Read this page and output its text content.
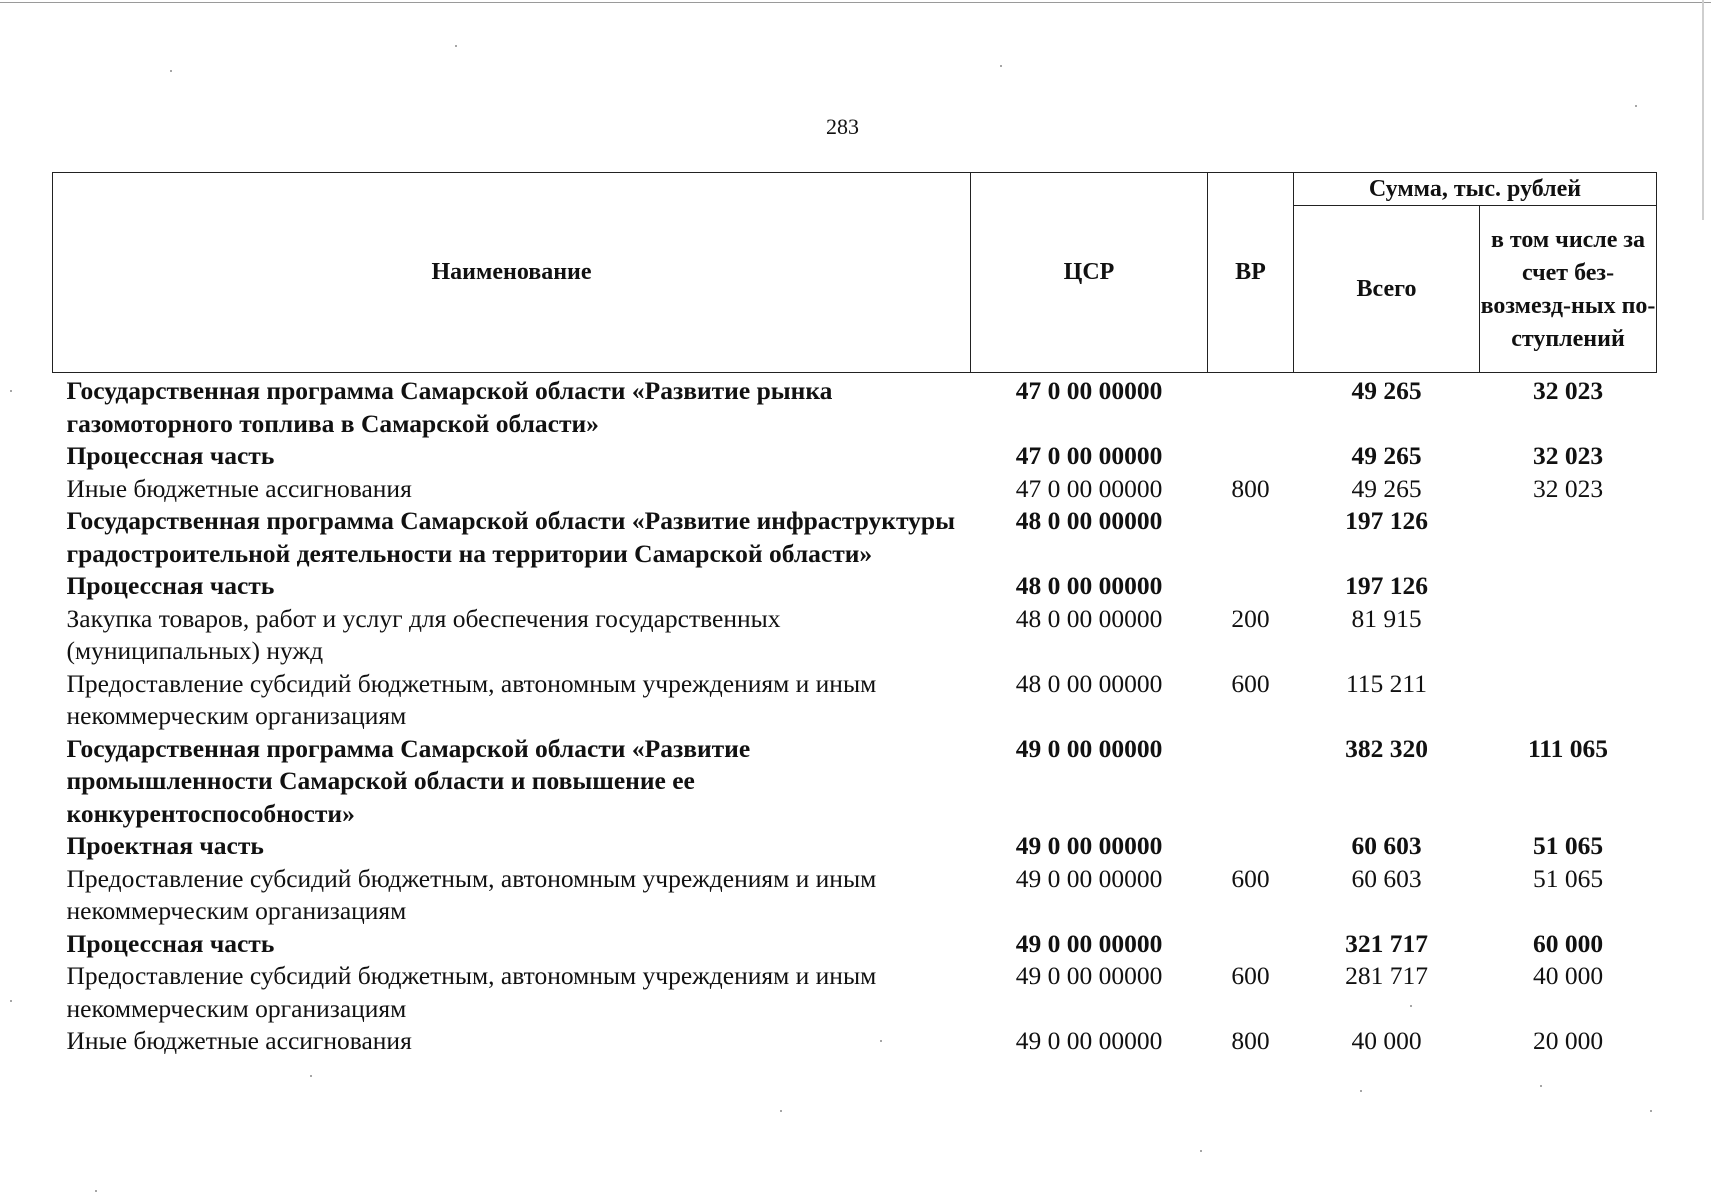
283
Наименование	ЦСР	ВР	Сумма, тыс. рублей	
			Всего	в том числе за счет без-возмезд-ных по-ступлений

Государственная программа Самарской области «Развитие рынка газомоторного топлива в Самарской области»	47 0 00 00000		49 265	32 023
Процессная часть	47 0 00 00000		49 265	32 023
Иные бюджетные ассигнования	47 0 00 00000	800	49 265	32 023
Государственная программа Самарской области «Развитие инфраструктуры градостроительной деятельности на территории Самарской области»	48 0 00 00000		197 126	
Процессная часть	48 0 00 00000		197 126	
Закупка товаров, работ и услуг для обеспечения государственных (муниципальных) нужд	48 0 00 00000	200	81 915	
Предоставление субсидий бюджетным, автономным учреждениям и иным некоммерческим организациям	48 0 00 00000	600	115 211	
Государственная программа Самарской области «Развитие промышленности Самарской области и повышение ее конкурентоспособности»	49 0 00 00000		382 320	111 065
Проектная часть	49 0 00 00000		60 603	51 065
Предоставление субсидий бюджетным, автономным учреждениям и иным некоммерческим организациям	49 0 00 00000	600	60 603	51 065
Процессная часть	49 0 00 00000		321 717	60 000
Предоставление субсидий бюджетным, автономным учреждениям и иным некоммерческим организациям	49 0 00 00000	600	281 717	40 000
Иные бюджетные ассигнования	49 0 00 00000	800	40 000	20 000
